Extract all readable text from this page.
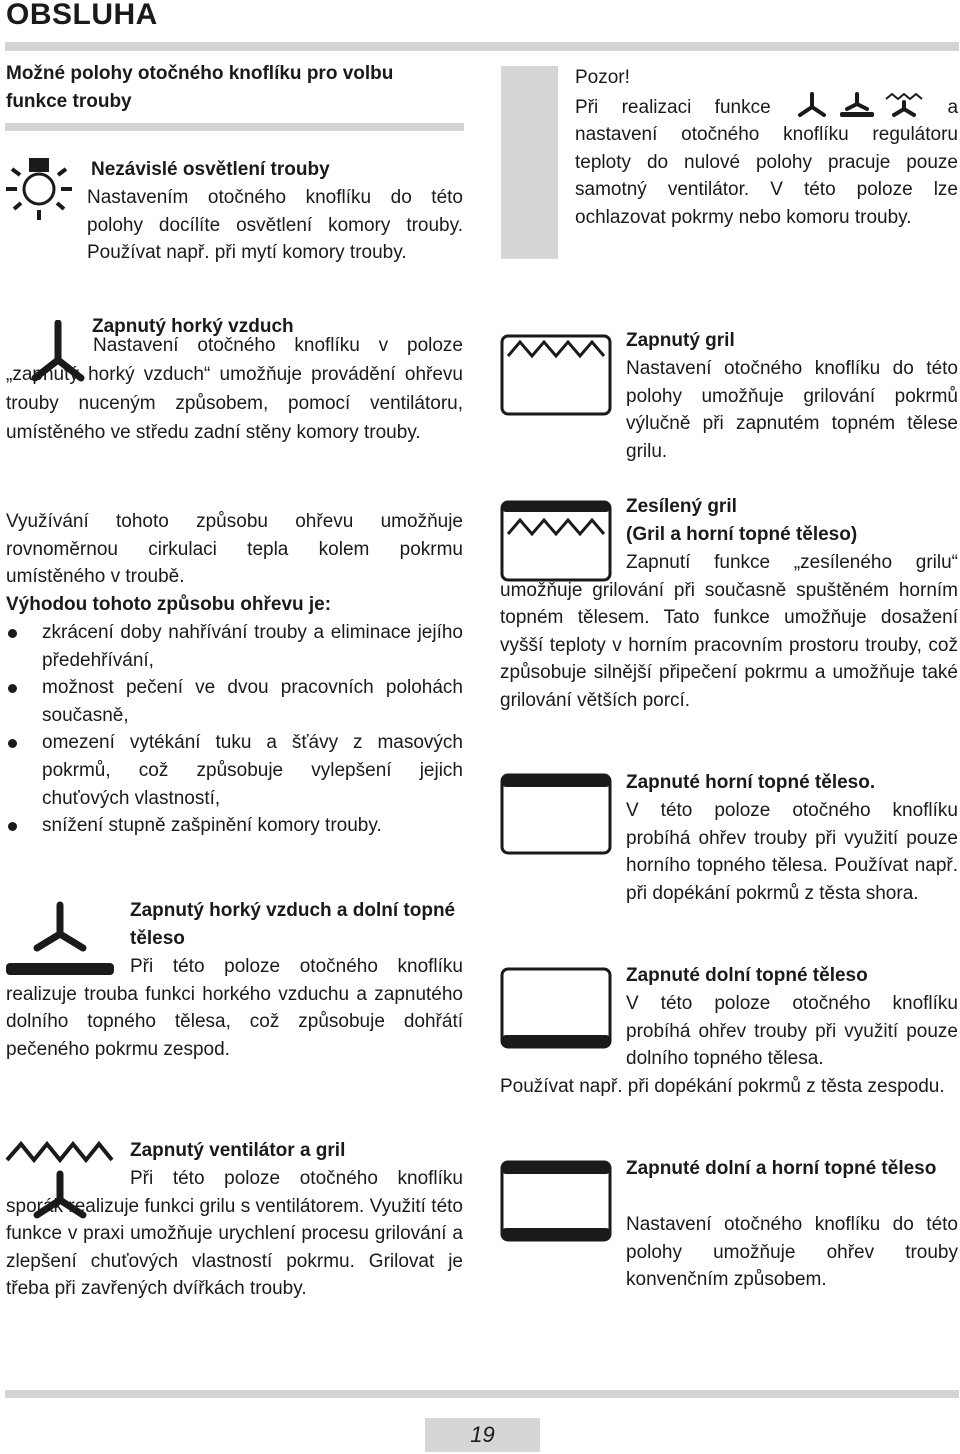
OBSLUHA
Možné polohy otočného knoflíku pro volbu funkce trouby
Nezávislé osvětlení trouby
Nastavením otočného knoflíku do této polohy docílíte osvětlení komory trouby. Používat např. při mytí komory trouby.
Zapnutý horký vzduch
Nastavení otočného knoflíku v poloze „zapnutý horký vzduch“ umožňuje provádění ohřevu trouby nuceným způsobem, pomocí ventilátoru, umístěného ve středu zadní stěny komory trouby.
Využívání tohoto způsobu ohřevu umožňuje rovnoměrnou cirkulaci tepla kolem pokrmu umístěného v troubě.
Výhodou tohoto způsobu ohřevu je:
zkrácení doby nahřívání trouby a eliminace jejího předehřívání,
možnost pečení ve dvou pracovních polohách současně,
omezení vytékání tuku a šťávy z masových pokrmů, což způsobuje vylepšení jejich chuťových vlastností,
snížení stupně zašpinění komory trouby.
Zapnutý horký vzduch a dolní topné těleso
Při této poloze otočného knoflíku realizuje trouba funkci horkého vzduchu a zapnutého dolního topného tělesa, což způsobuje dohřátí pečeného pokrmu zespod.
Zapnutý ventilátor a gril
Při této poloze otočného knoflíku sporák realizuje funkci grilu s ventilátorem. Využití této funkce v praxi umožňuje urychlení procesu grilování a zlepšení chuťových vlastností pokrmu. Grilovat je třeba při zavřených dvířkách trouby.
Pozor!
Při realizaci funkce	a nastavení otočného knoflíku regulátoru teploty do nulové polohy pracuje pouze samotný ventilátor. V této poloze lze ochlazovat pokrmy nebo komoru trouby.
Zapnutý gril
Nastavení otočného knoflíku do této polohy umožňuje grilování pokrmů výlučně při zapnutém topném tělese grilu.
Zesílený gril
(Gril a horní topné těleso)
Zapnutí funkce „zesíleného grilu“ umožňuje grilování při současně spuštěném horním topném tělesem. Tato funkce umožňuje dosažení vyšší teploty v horním pracovním prostoru trouby, což způsobuje silnější připečení pokrmu a umožňuje také grilování větších porcí.
Zapnuté horní topné těleso.
V této poloze otočného knoflíku probíhá ohřev trouby při využití pouze horního topného tělesa. Používat např. při dopékání pokrmů z těsta shora.
Zapnuté dolní topné těleso
V této poloze otočného knoflíku probíhá ohřev trouby při využití pouze dolního topného tělesa.
Používat např. při dopékání pokrmů z těsta zespodu.
Zapnuté dolní a horní topné těleso
Nastavení otočného knoflíku do této polohy umožňuje ohřev trouby konvenčním způsobem.
19
